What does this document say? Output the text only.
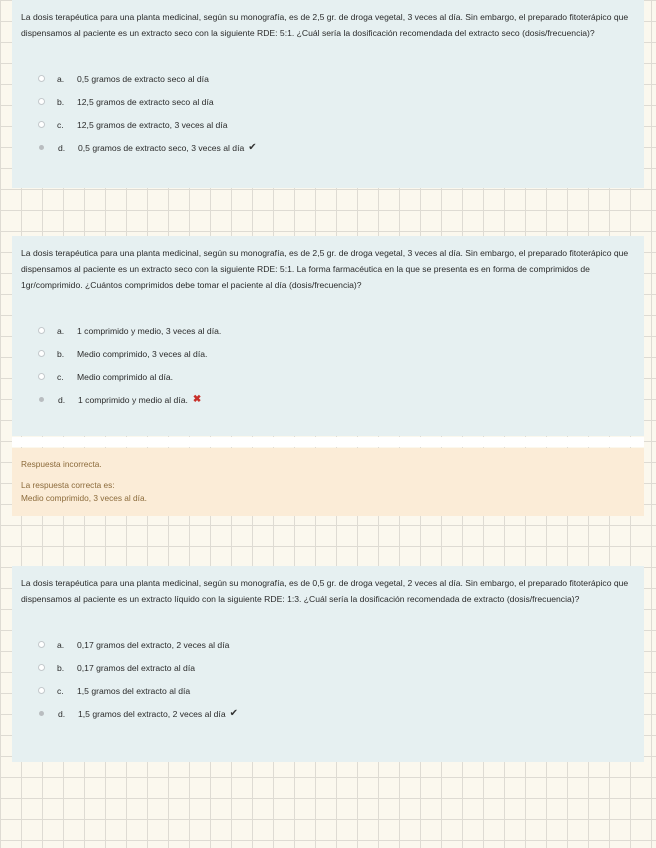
La dosis terapéutica para una planta medicinal, según su monografía, es de 2,5 gr. de droga vegetal, 3 veces al día. Sin embargo, el preparado fitoterápico que dispensamos al paciente es un extracto seco con la siguiente RDE: 5:1. ¿Cuál sería la dosificación recomendada del extracto seco (dosis/frecuencia)?

a.	0,5 gramos de extracto seco al día
b.	12,5 gramos de extracto seco al día
c.	12,5 gramos de extracto, 3 veces al día
d.	0,5 gramos de extracto seco, 3 veces al día ✔

La dosis terapéutica para una planta medicinal, según su monografía, es de 2,5 gr. de droga vegetal, 3 veces al día. Sin embargo, el preparado fitoterápico que dispensamos al paciente es un extracto seco con la siguiente RDE: 5:1. La forma farmacéutica en la que se presenta es en forma de comprimidos de 1gr/comprimido. ¿Cuántos comprimidos debe tomar el paciente al día (dosis/frecuencia)?

a.	1 comprimido y medio, 3 veces al día.
b.	Medio comprimido, 3 veces al día.
c.	Medio comprimido al día.
d.	1 comprimido y medio al día. ✖
Respuesta incorrecta.
La respuesta correcta es:
Medio comprimido, 3 veces al día.

La dosis terapéutica para una planta medicinal, según su monografía, es de 0,5 gr. de droga vegetal, 2 veces al día. Sin embargo, el preparado fitoterápico que dispensamos al paciente es un extracto líquido con la siguiente RDE: 1:3. ¿Cuál sería la dosificación recomendada de extracto (dosis/frecuencia)?

a.	0,17 gramos del extracto, 2 veces al día
b.	0,17 gramos del extracto al día
c.	1,5 gramos del extracto al día
d.	1,5 gramos del extracto, 2 veces al día ✔
